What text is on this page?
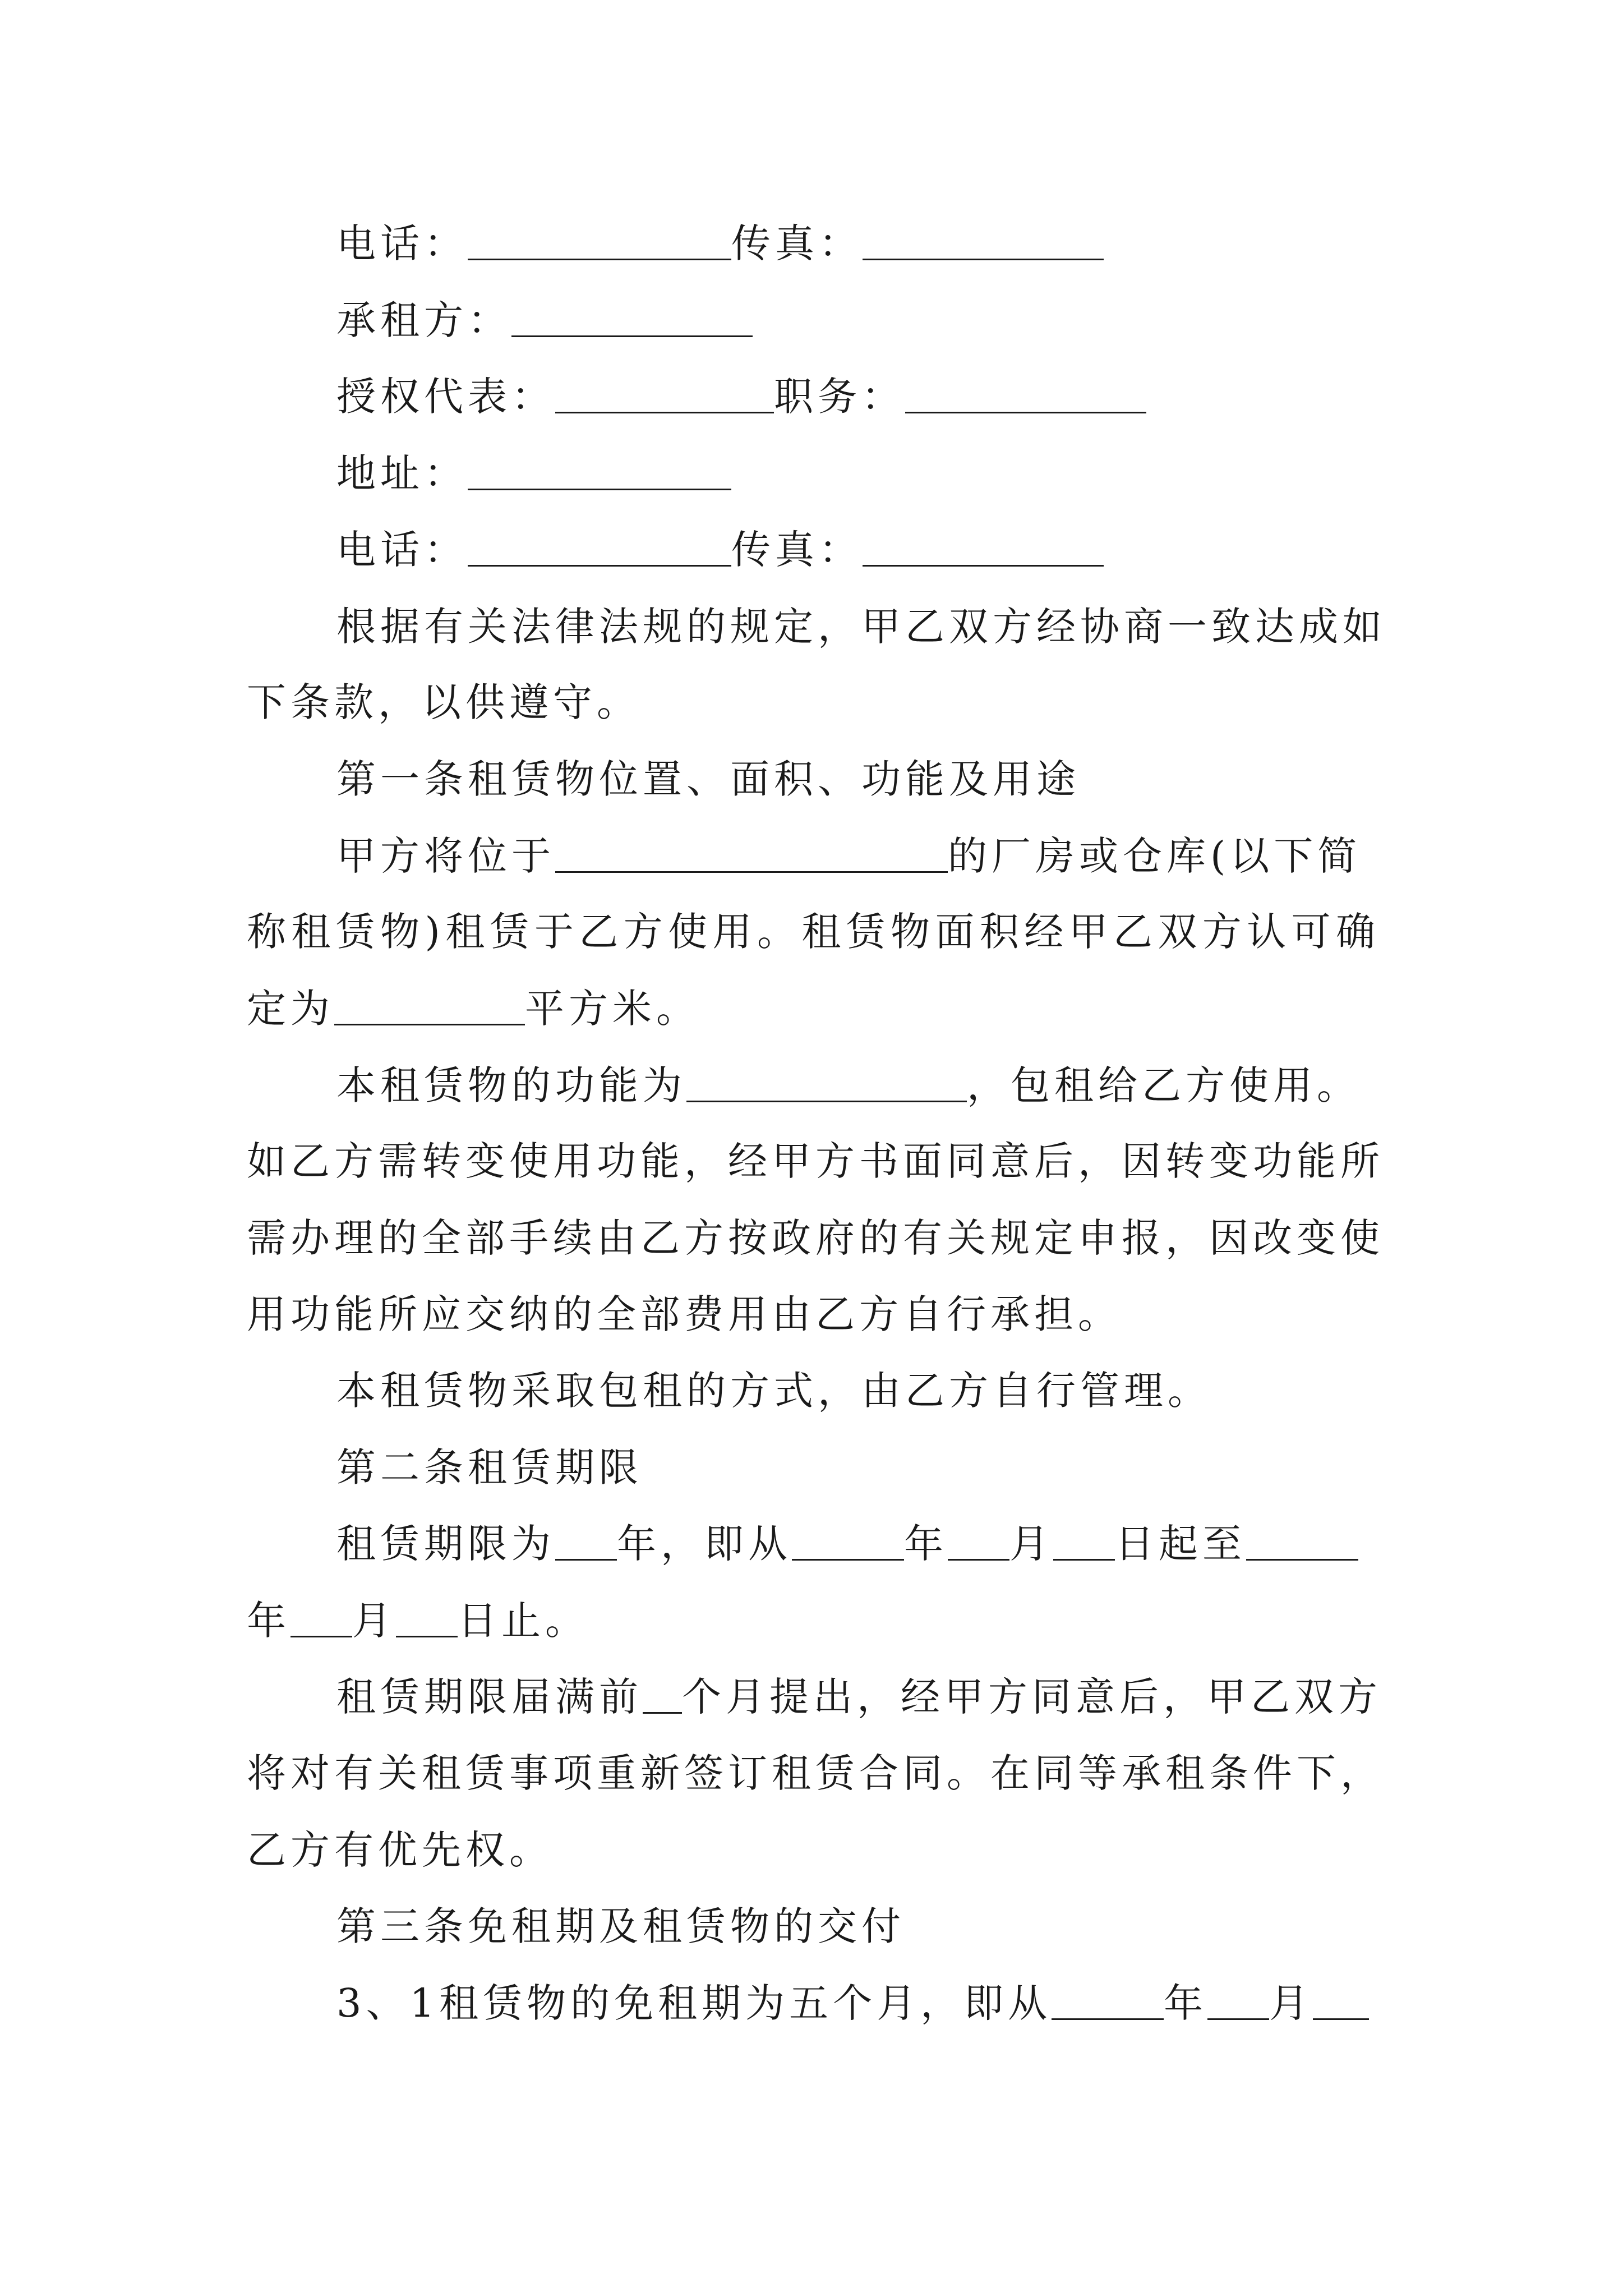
电话：	传真：
承租方：
授权代表：	职务：
地址：
电话：	传真：
根据有关法律法规的规定，甲乙双方经协商一致达成如
下条款，以供遵守。
第一条租赁物位置、面积、功能及用途
甲方将位于	的厂房或仓库(以下简
称租赁物)租赁于乙方使用。租赁物面积经甲乙双方认可确
定为	平方米。
本租赁物的功能为	，包租给乙方使用。
如乙方需转变使用功能，经甲方书面同意后，因转变功能所
需办理的全部手续由乙方按政府的有关规定申报，因改变使
用功能所应交纳的全部费用由乙方自行承担。
本租赁物采取包租的方式，由乙方自行管理。
第二条租赁期限
租赁期限为 年，即从	年 月 日起至
年 月 日止。
租赁期限届满前 个月提出，经甲方同意后，甲乙双方
将对有关租赁事项重新签订租赁合同。在同等承租条件下，
乙方有优先权。
第三条免租期及租赁物的交付
3、1租赁物的免租期为五个月，即从	年 月
